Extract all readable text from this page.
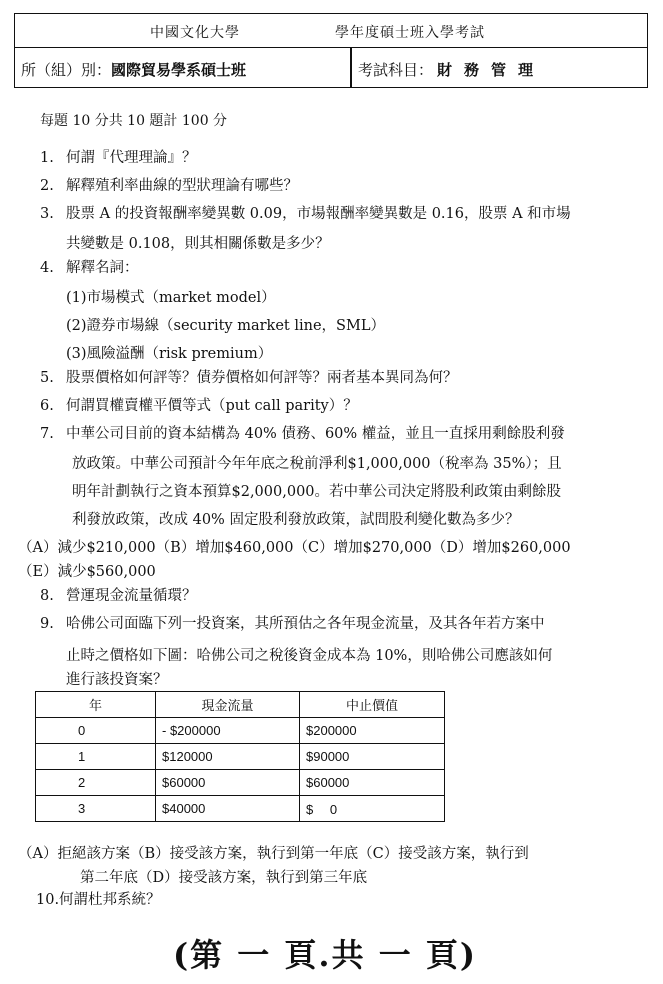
中國文化大學	學年度碩士班入學考試
所（組）別：國際貿易學系碩士班	考試科目： 財務管理
每題 10 分共 10 題計 100 分
1. 何謂『代理理論』？
2. 解釋殖利率曲線的型狀理論有哪些？
3. 股票 A 的投資報酬率變異數 0.09，市場報酬率變異數是 0.16，股票 A 和市場
共變數是 0.108，則其相關係數是多少？
4. 解釋名詞：
(1)市場模式（market model）
(2)證券市場線（security market line，SML）
(3)風險溢酬（risk premium）
5. 股票價格如何評等？債券價格如何評等？兩者基本異同為何？
6. 何謂買權賣權平價等式（put call parity）？
7. 中華公司目前的資本結構為 40% 債務、60% 權益，並且一直採用剩餘股利發
放政策。中華公司預計今年年底之稅前淨利$1,000,000（稅率為 35%）；且
明年計劃執行之資本預算$2,000,000。若中華公司決定將股利政策由剩餘股
利發放政策，改成 40% 固定股利發放政策，試問股利變化數為多少？
（A）減少$210,000（B）增加$460,000（C）增加$270,000（D）增加$260,000
（E）減少$560,000
8. 營運現金流量循環？
9. 哈佛公司面臨下列一投資案，其所預估之各年現金流量，及其各年若方案中
止時之價格如下圖：哈佛公司之稅後資金成本為 10%，則哈佛公司應該如何
進行該投資案？
年	現金流量	中止價值
0	- $200000	$200000
1	$120000	$90000
2	$60000	$60000
3	$40000	$　 0
（A）拒絕該方案（B）接受該方案，執行到第一年底（C）接受該方案，執行到
第二年底（D）接受該方案，執行到第三年底
10.何謂杜邦系統？
(第 一 頁.共 一 頁)
